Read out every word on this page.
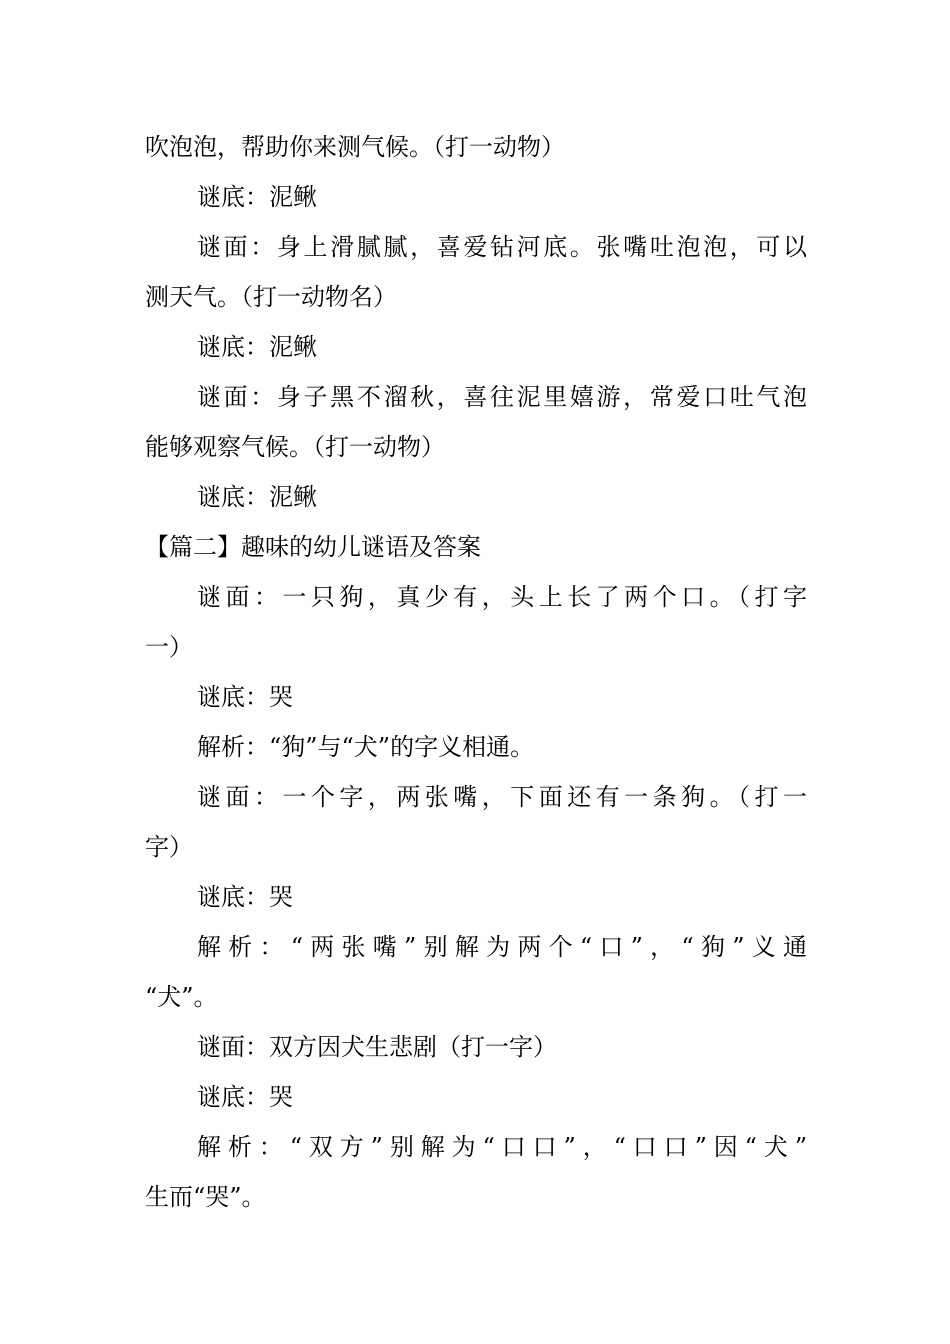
吹泡泡，帮助你来测气候。（打一动物）
谜底：泥鳅
谜面：身上滑腻腻，喜爱钻河底。张嘴吐泡泡，可以
测天气。（打一动物名）
谜底：泥鳅
谜面：身子黑不溜秋，喜往泥里嬉游，常爱口吐气泡
能够观察气候。（打一动物）
谜底：泥鳅
【篇二】趣味的幼儿谜语及答案
谜面：一只狗，真少有，头上长了两个口。（打字
一）
谜底：哭
解析：“狗”与“犬”的字义相通。
谜面：一个字，两张嘴，下面还有一条狗。（打一
字）
谜底：哭
解析：“两张嘴”别解为两个“口”，“狗”义通
“犬”。
谜面：双方因犬生悲剧（打一字）
谜底：哭
解析：“双方”别解为“口口”，“口口”因“犬”
生而“哭”。
